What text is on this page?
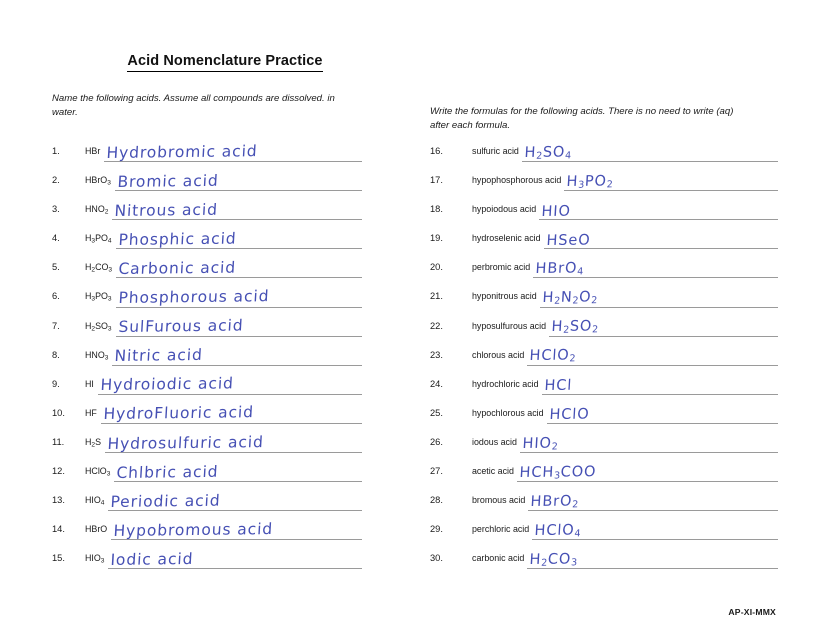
Acid Nomenclature Practice
Name the following acids. Assume all compounds are dissolved. in water.	Write the formulas for the following acids. There is no need to write (aq) after each formula.
1.	HBr Hydrobromic acid
2.	HBrO$_3$ Bromic acid
3.	$HNO_2$ Nitrous acid
4.	$H_3PO_4$ Phosphic acid
5.	$H_2CO_3$ Carbonic acid
6.	$H_3PO_3$ Phosphorous acid
7.	$H_2SO_3$ SulFurous acid
8.	$HNO_3$ Nitric acid
9.	HI Hydroiodic acid
10.	HF HydroFluoric acid
11.	$H_2S$ Hydrosulfuric acid
12.	HClO$_3$ Chlbric acid
13.	$HIO_4$ Periodic acid
14.	HBrO Hypobromous acid
15.	$HIO_3$ Iodic acid
16.	sulfuric acid $H_2SO_4$
17.	hypophosphorous acid $H_3PO_2$
18.	hypoiodous acid HIO
19.	hydroselenic acid HSeO
20.	perbromic acid HBrO$_4$
21.	hyponitrous acid $H_2N_2O_2$
22.	hyposulfurous acid $H_2SO_2$
23.	chlorous acid HClO$_2$
24.	hydrochloric acid HCl
25.	hypochlorous acid HClO
26.	iodous acid $HIO_2$
27.	acetic acid $HCH_3COO$
28.	bromous acid HBrO$_2$
29.	perchloric acid HClO$_4$
30.	carbonic acid $H_2CO_3$
AP-XI-MMX
